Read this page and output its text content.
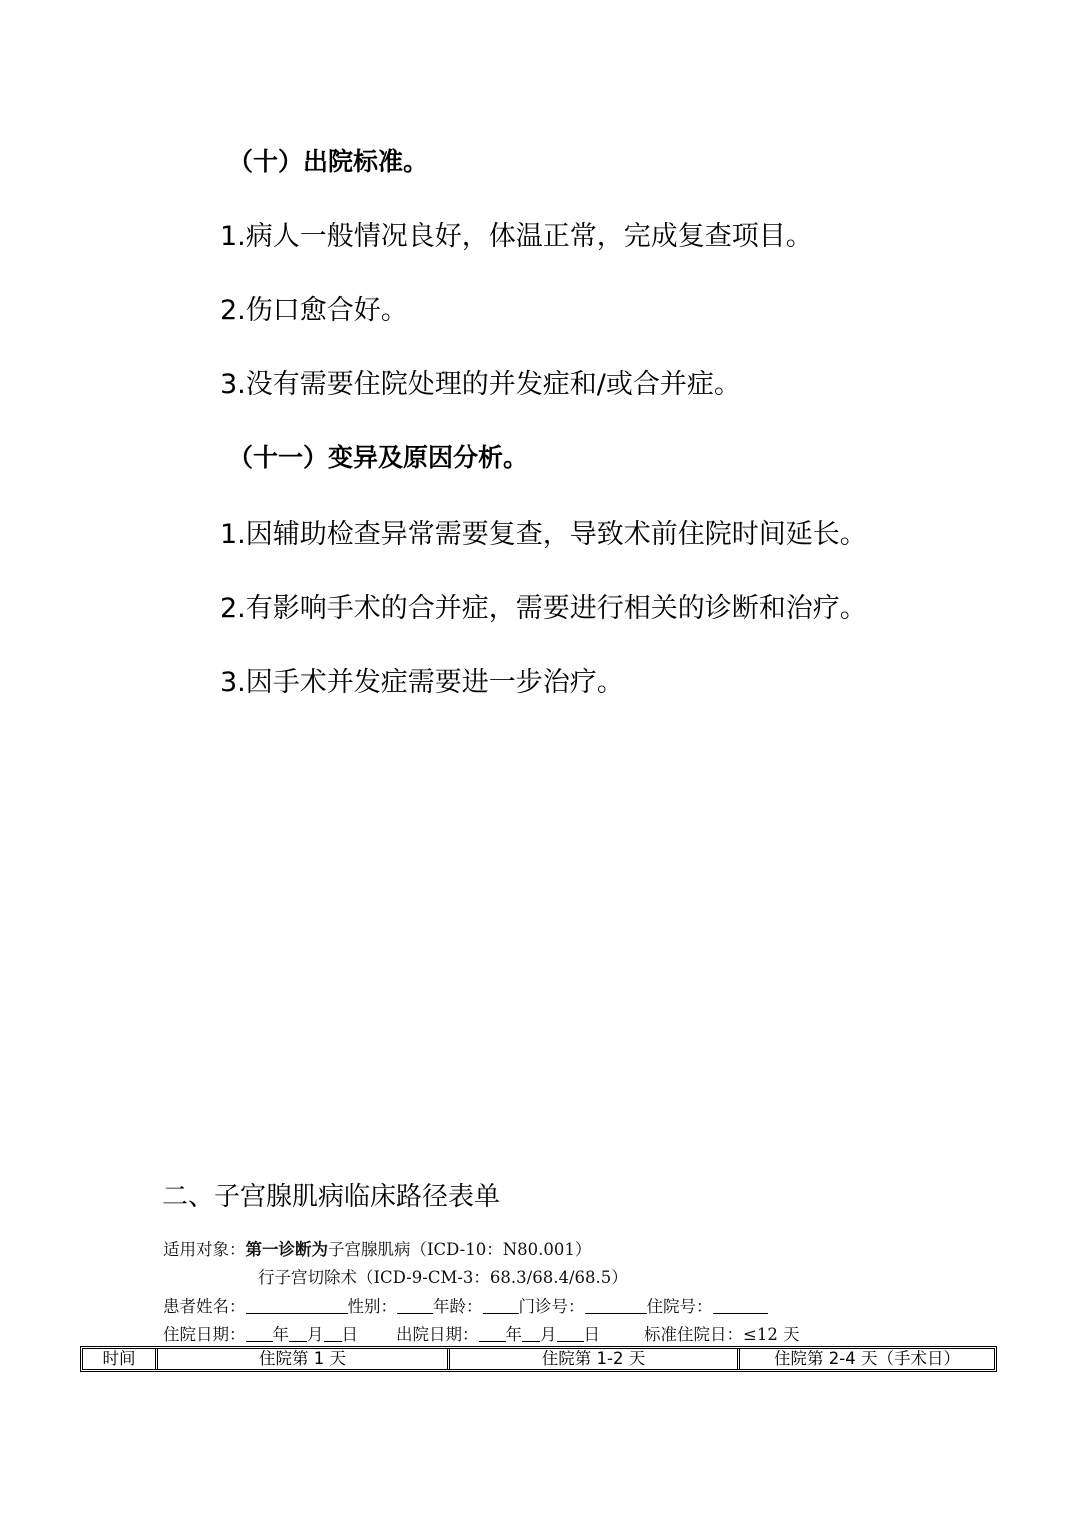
（十）出院标准。
1.病人一般情况良好，体温正常，完成复查项目。
2.伤口愈合好。
3.没有需要住院处理的并发症和/或合并症。
（十一）变异及原因分析。
1.因辅助检查异常需要复查，导致术前住院时间延长。
2.有影响手术的合并症，需要进行相关的诊断和治疗。
3.因手术并发症需要进一步治疗。
二、子宫腺肌病临床路径表单
适用对象：第一诊断为子宫腺肌病（ICD-10：N80.001）
行子宫切除术（ICD-9-CM-3：68.3/68.4/68.5）
患者姓名：	性别： 年龄： 门诊号：	住院号：
住院日期： 年 月 日 出院日期： 年 月 日	标准住院日：≤12 天
时间	住院第 1 天	住院第 1-2 天	住院第 2-4 天（手术日）
